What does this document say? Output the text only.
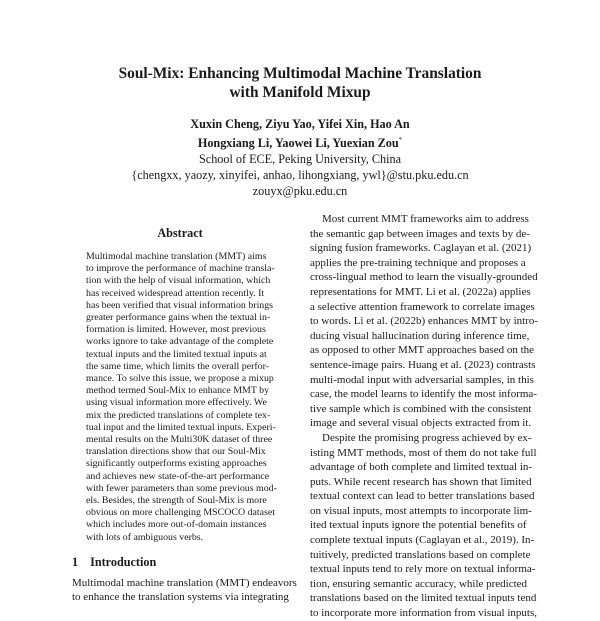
Soul-Mix: Enhancing Multimodal Machine Translation
with Manifold Mixup
Xuxin Cheng, Ziyu Yao, Yifei Xin, Hao An
Hongxiang Li, Yaowei Li, Yuexian Zou*
School of ECE, Peking University, China
{chengxx, yaozy, xinyifei, anhao, lihongxiang, ywl}@stu.pku.edu.cn
zouyx@pku.edu.cn
Abstract
Multimodal machine translation (MMT) aims
to improve the performance of machine transla-
tion with the help of visual information, which
has received widespread attention recently. It
has been verified that visual information brings
greater performance gains when the textual in-
formation is limited. However, most previous
works ignore to take advantage of the complete
textual inputs and the limited textual inputs at
the same time, which limits the overall perfor-
mance. To solve this issue, we propose a mixup
method termed Soul-Mix to enhance MMT by
using visual information more effectively. We
mix the predicted translations of complete tex-
tual input and the limited textual inputs. Experi-
mental results on the Multi30K dataset of three
translation directions show that our Soul-Mix
significantly outperforms existing approaches
and achieves new state-of-the-art performance
with fewer parameters than some previous mod-
els. Besides, the strength of Soul-Mix is more
obvious on more challenging MSCOCO dataset
which includes more out-of-domain instances
with lots of ambiguous verbs.
1 Introduction
Multimodal machine translation (MMT) endeavors
to enhance the translation systems via integrating
Most current MMT frameworks aim to address
the semantic gap between images and texts by de-
signing fusion frameworks. Caglayan et al. (2021)
applies the pre-training technique and proposes a
cross-lingual method to learn the visually-grounded
representations for MMT. Li et al. (2022a) applies
a selective attention framework to correlate images
to words. Li et al. (2022b) enhances MMT by intro-
ducing visual hallucination during inference time,
as opposed to other MMT approaches based on the
sentence-image pairs. Huang et al. (2023) contrasts
multi-modal input with adversarial samples, in this
case, the model learns to identify the most informa-
tive sample which is combined with the consistent
image and several visual objects extracted from it.
Despite the promising progress achieved by ex-
isting MMT methods, most of them do not take full
advantage of both complete and limited textual in-
puts. While recent research has shown that limited
textual context can lead to better translations based
on visual inputs, most attempts to incorporate lim-
ited textual inputs ignore the potential benefits of
complete textual inputs (Caglayan et al., 2019). In-
tuitively, predicted translations based on complete
textual inputs tend to rely more on textual informa-
tion, ensuring semantic accuracy, while predicted
translations based on the limited textual inputs tend
to incorporate more information from visual inputs,
